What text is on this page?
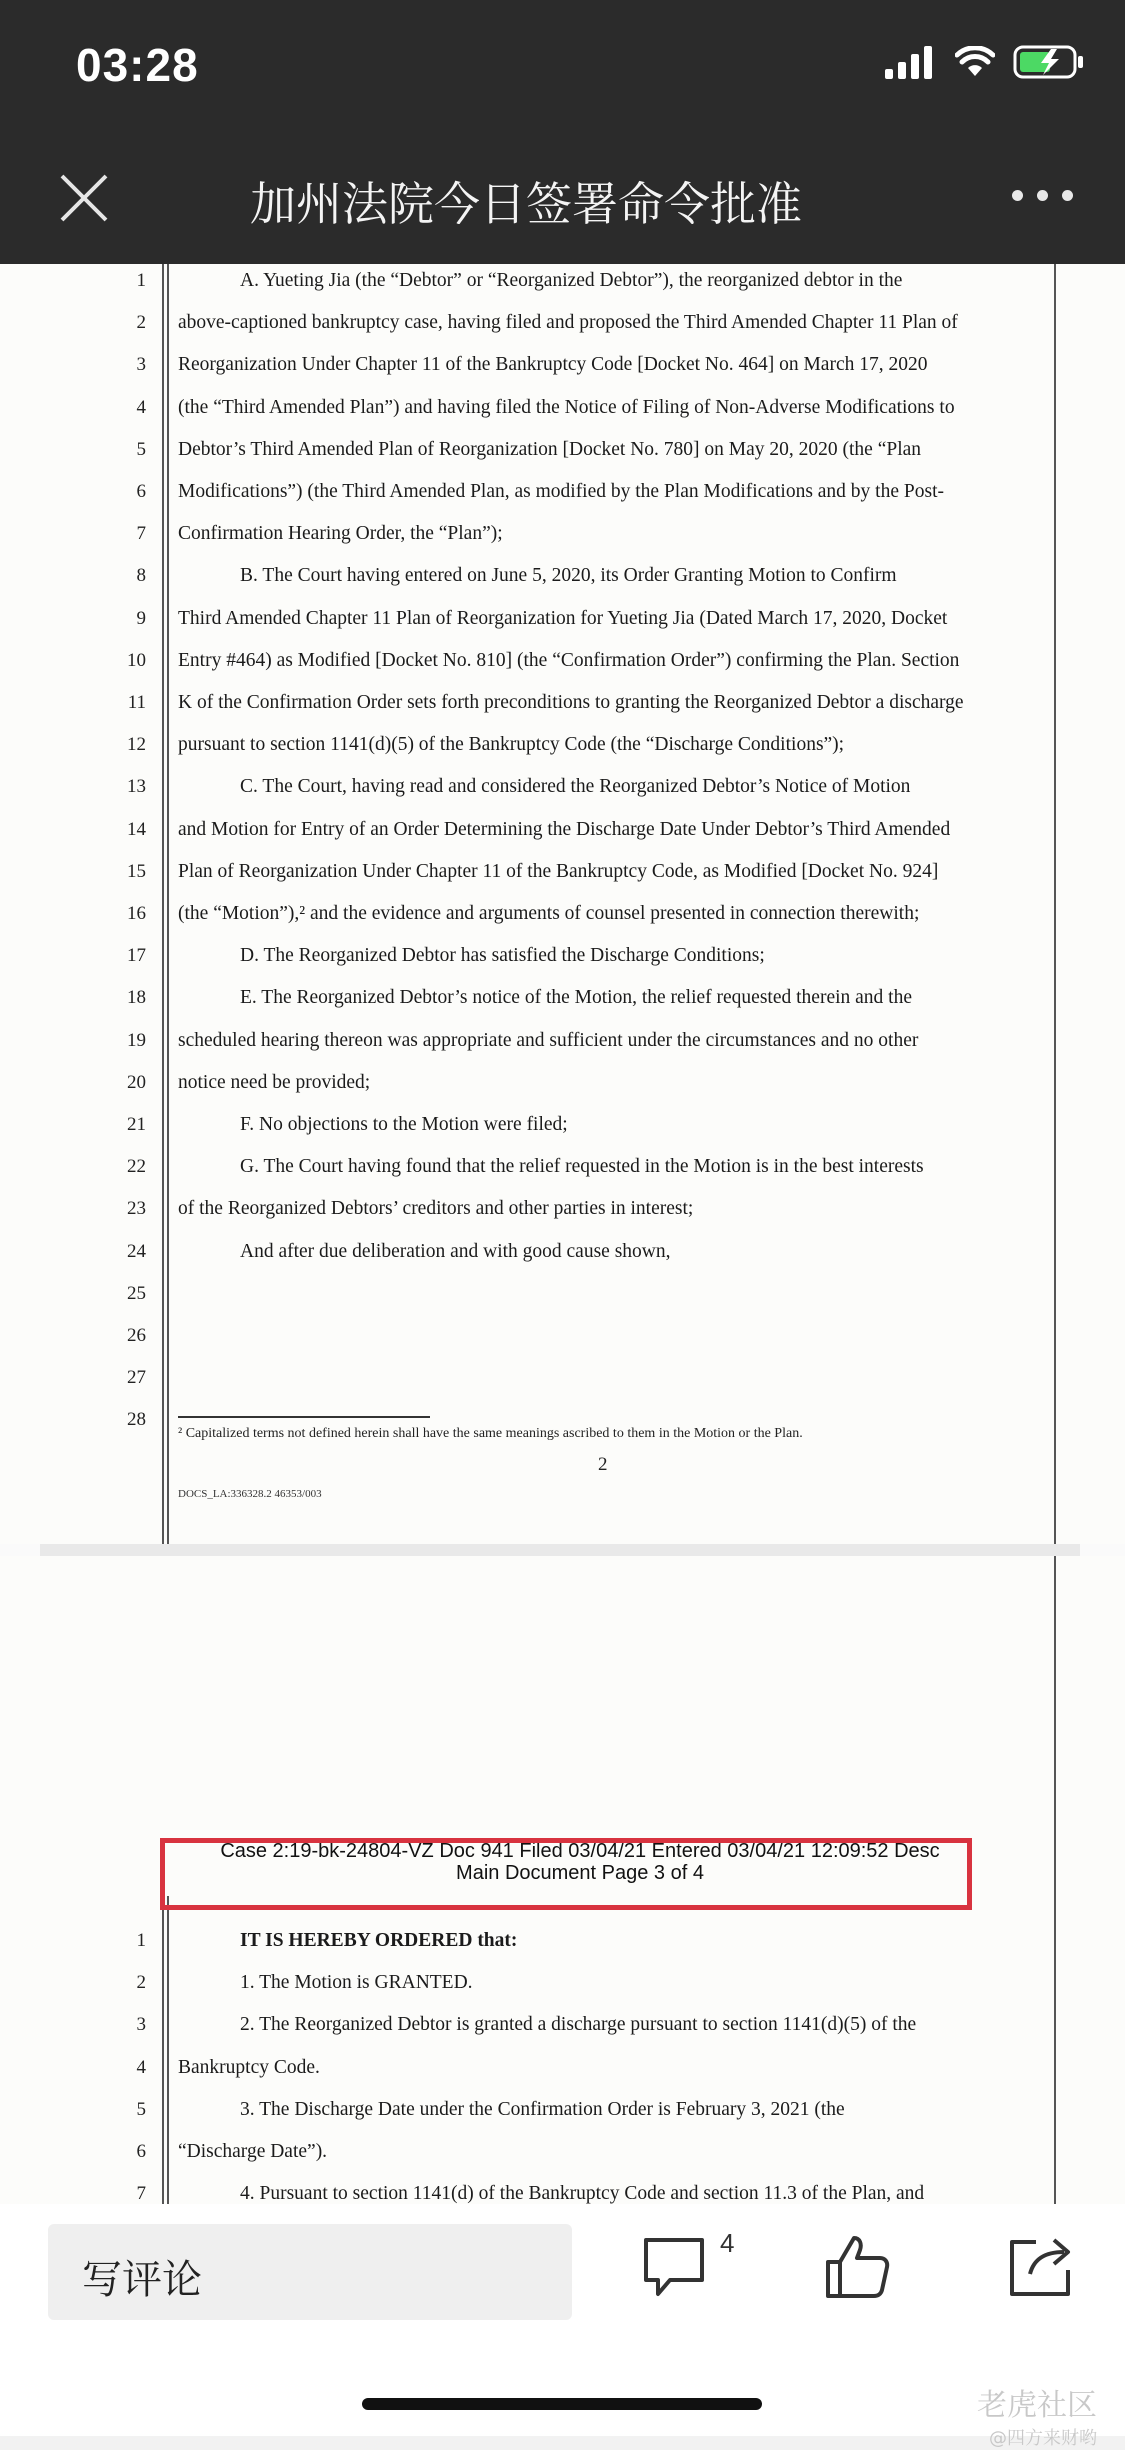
03:28
加州法院今日签署命令批准
1	A. Yueting Jia (the “Debtor” or “Reorganized Debtor”), the reorganized debtor in the
2 above-captioned bankruptcy case, having filed and proposed the Third Amended Chapter 11 Plan of
3 Reorganization Under Chapter 11 of the Bankruptcy Code [Docket No. 464] on March 17, 2020
4 (the “Third Amended Plan”) and having filed the Notice of Filing of Non-Adverse Modifications to
5 Debtor’s Third Amended Plan of Reorganization [Docket No. 780] on May 20, 2020 (the “Plan
6 Modifications”) (the Third Amended Plan, as modified by the Plan Modifications and by the Post-
7 Confirmation Hearing Order, the “Plan”);
8	B. The Court having entered on June 5, 2020, its Order Granting Motion to Confirm
9 Third Amended Chapter 11 Plan of Reorganization for Yueting Jia (Dated March 17, 2020, Docket
10 Entry #464) as Modified [Docket No. 810] (the “Confirmation Order”) confirming the Plan. Section
11 K of the Confirmation Order sets forth preconditions to granting the Reorganized Debtor a discharge
12 pursuant to section 1141(d)(5) of the Bankruptcy Code (the “Discharge Conditions”);
13	C. The Court, having read and considered the Reorganized Debtor’s Notice of Motion
14 and Motion for Entry of an Order Determining the Discharge Date Under Debtor’s Third Amended
15 Plan of Reorganization Under Chapter 11 of the Bankruptcy Code, as Modified [Docket No. 924]
16 (the “Motion”),² and the evidence and arguments of counsel presented in connection therewith;
17	D. The Reorganized Debtor has satisfied the Discharge Conditions;
18	E. The Reorganized Debtor’s notice of the Motion, the relief requested therein and the
19 scheduled hearing thereon was appropriate and sufficient under the circumstances and no other
20 notice need be provided;
21	F. No objections to the Motion were filed;
22	G. The Court having found that the relief requested in the Motion is in the best interests
23 of the Reorganized Debtors’ creditors and other parties in interest;
24	And after due deliberation and with good cause shown,
25
26
27
28
² Capitalized terms not defined herein shall have the same meanings ascribed to them in the Motion or the Plan.
2
DOCS_LA:336328.2 46353/003
Case 2:19-bk-24804-VZ Doc 941 Filed 03/04/21 Entered 03/04/21 12:09:52 Desc
Main Document Page 3 of 4
1	IT IS HEREBY ORDERED that:
2	1. The Motion is GRANTED.
3	2. The Reorganized Debtor is granted a discharge pursuant to section 1141(d)(5) of the
4 Bankruptcy Code.
5	3. The Discharge Date under the Confirmation Order is February 3, 2021 (the
6 “Discharge Date”).
7	4. Pursuant to section 1141(d) of the Bankruptcy Code and section 11.3 of the Plan, and
写评论
4
老虎社区
@四方来财哟
